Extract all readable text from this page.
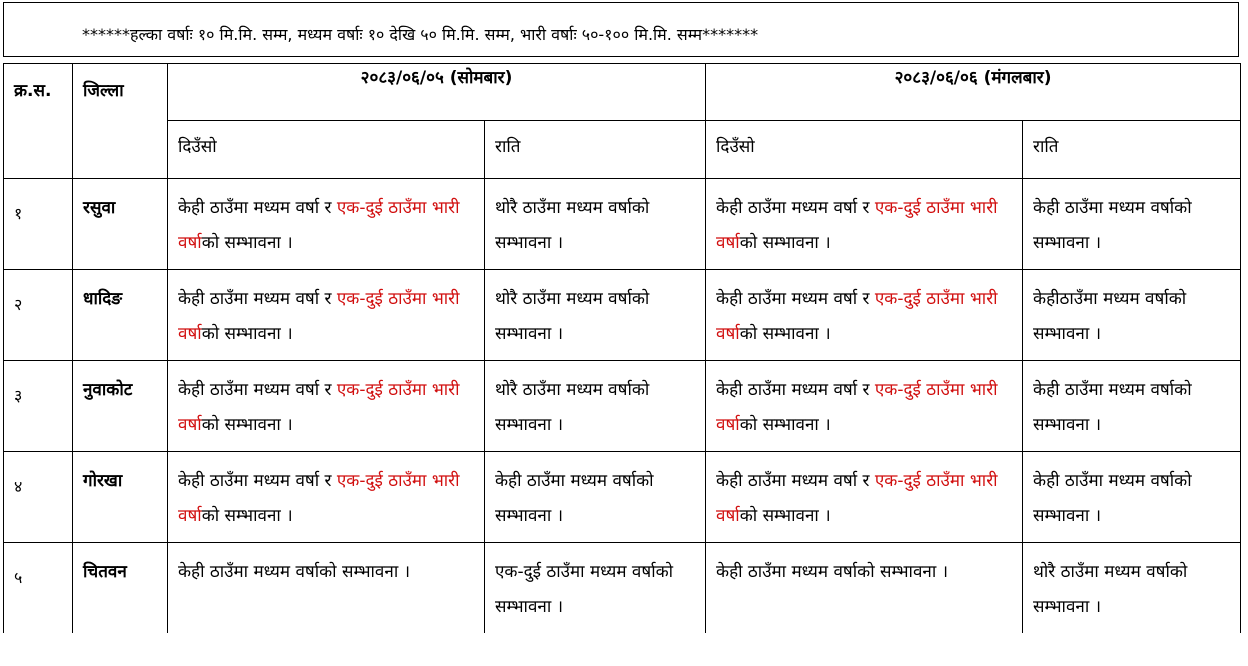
******हल्का वर्षाः १० मि.मि. सम्म, मध्यम वर्षाः १० देखि ५० मि.मि. सम्म, भारी वर्षाः ५०-१०० मि.मि. सम्म*******
क्र.स.	जिल्ला	२०८३/०६/०५ (सोमबार)		२०८३/०६/०६ (मंगलबार)	
		दिउँसो	राति	दिउँसो	राति
१	रसुवा	केही ठाउँमा मध्यम वर्षा र एक-दुई ठाउँमा भारी वर्षाको सम्भावना ।	थोरै ठाउँमा मध्यम वर्षाको सम्भावना ।	केही ठाउँमा मध्यम वर्षा र एक-दुई ठाउँमा भारी वर्षाको सम्भावना ।	केही ठाउँमा मध्यम वर्षाको सम्भावना ।
२	धादिङ	केही ठाउँमा मध्यम वर्षा र एक-दुई ठाउँमा भारी वर्षाको सम्भावना ।	थोरै ठाउँमा मध्यम वर्षाको सम्भावना ।	केही ठाउँमा मध्यम वर्षा र एक-दुई ठाउँमा भारी वर्षाको सम्भावना ।	केहीठाउँमा मध्यम वर्षाको सम्भावना ।
३	नुवाकोट	केही ठाउँमा मध्यम वर्षा र एक-दुई ठाउँमा भारी वर्षाको सम्भावना ।	थोरै ठाउँमा मध्यम वर्षाको सम्भावना ।	केही ठाउँमा मध्यम वर्षा र एक-दुई ठाउँमा भारी वर्षाको सम्भावना ।	केही ठाउँमा मध्यम वर्षाको सम्भावना ।
४	गोरखा	केही ठाउँमा मध्यम वर्षा र एक-दुई ठाउँमा भारी वर्षाको सम्भावना ।	केही ठाउँमा मध्यम वर्षाको सम्भावना ।	केही ठाउँमा मध्यम वर्षा र एक-दुई ठाउँमा भारी वर्षाको सम्भावना ।	केही ठाउँमा मध्यम वर्षाको सम्भावना ।
५	चितवन	केही ठाउँमा मध्यम वर्षाको सम्भावना ।	एक-दुई ठाउँमा मध्यम वर्षाको सम्भावना ।	केही ठाउँमा मध्यम वर्षाको सम्भावना ।	थोरै ठाउँमा मध्यम वर्षाको सम्भावना ।
